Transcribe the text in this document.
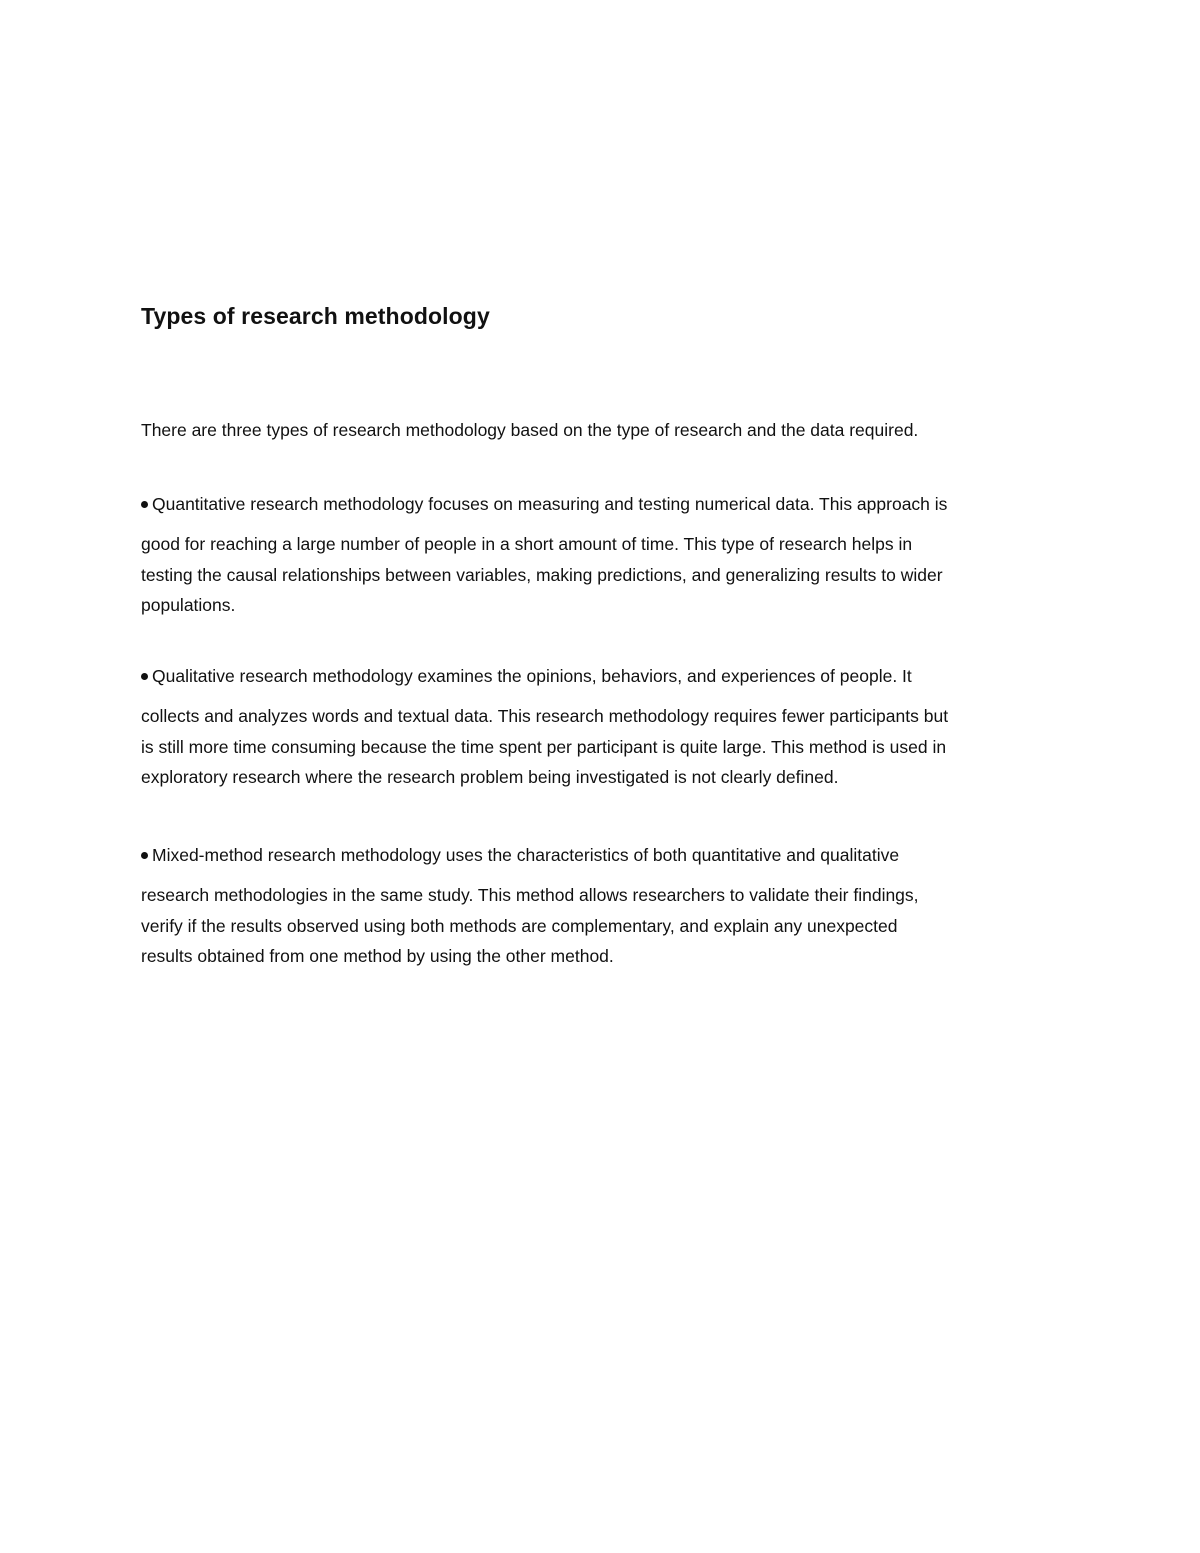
Types of research methodology

There are three types of research methodology based on the type of research and the data required.

Quantitative research methodology focuses on measuring and testing numerical data. This approach is
good for reaching a large number of people in a short amount of time. This type of research helps in
testing the causal relationships between variables, making predictions, and generalizing results to wider
populations.
Qualitative research methodology examines the opinions, behaviors, and experiences of people. It
collects and analyzes words and textual data. This research methodology requires fewer participants but
is still more time consuming because the time spent per participant is quite large. This method is used in
exploratory research where the research problem being investigated is not clearly defined.
Mixed-method research methodology uses the characteristics of both quantitative and qualitative
research methodologies in the same study. This method allows researchers to validate their findings,
verify if the results observed using both methods are complementary, and explain any unexpected
results obtained from one method by using the other method.
